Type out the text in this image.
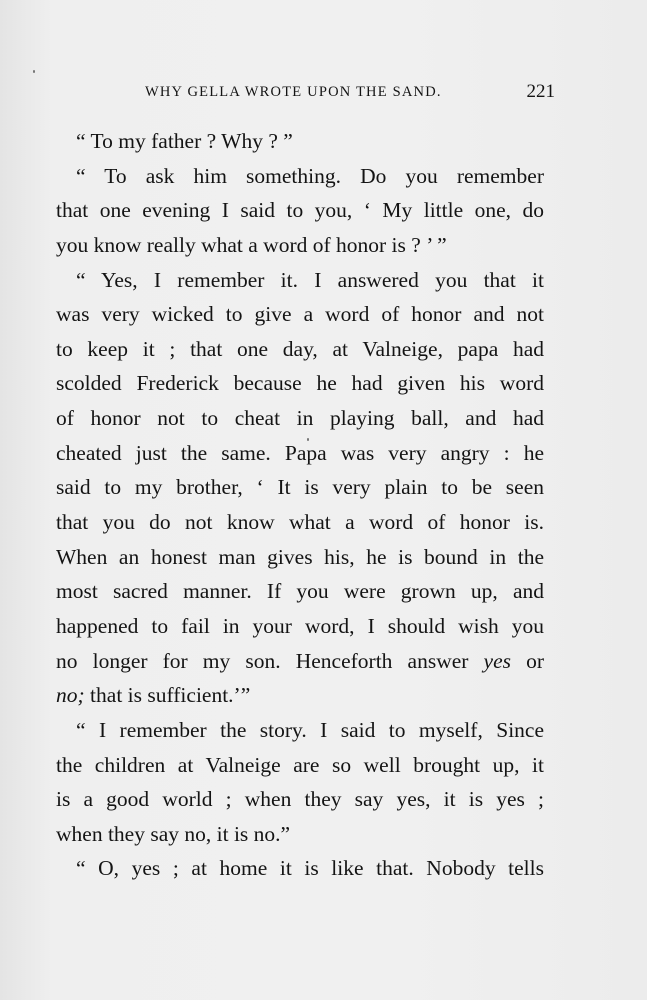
WHY GELLA WROTE UPON THE SAND.	221
“ To my father ? Why ? ”
“ To ask him something. Do you remember
that one evening I said to you, ‘ My little one, do
you know really what a word of honor is ? ’ ”
“ Yes, I remember it. I answered you that it
was very wicked to give a word of honor and not
to keep it ; that one day, at Valneige, papa had
scolded Frederick because he had given his word
of honor not to cheat in playing ball, and had
cheated just the same. Papa was very angry : he
said to my brother, ‘ It is very plain to be seen
that you do not know what a word of honor is.
When an honest man gives his, he is bound in the
most sacred manner. If you were grown up, and
happened to fail in your word, I should wish you
no longer for my son. Henceforth answer yes or
no; that is sufficient.’”
“ I remember the story. I said to myself, Since
the children at Valneige are so well brought up, it
is a good world ; when they say yes, it is yes ;
when they say no, it is no.”
“ O, yes ; at home it is like that. Nobody tells
